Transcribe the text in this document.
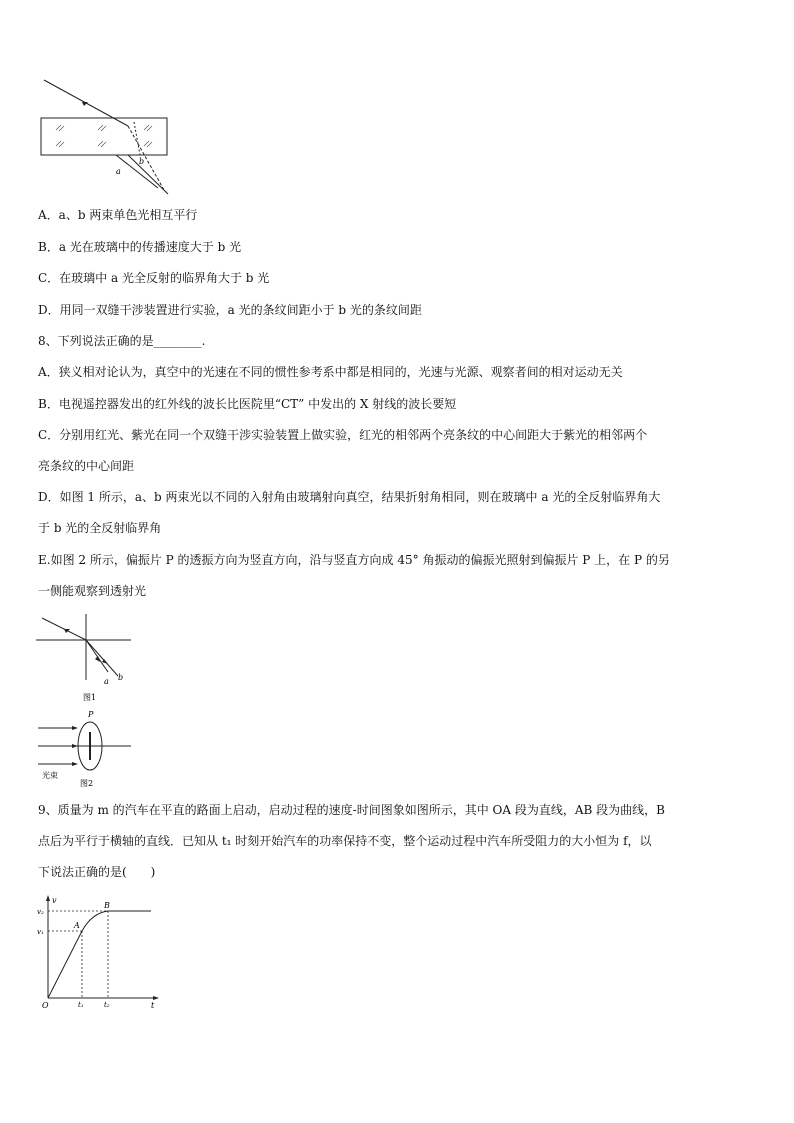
a
b
A．a、b 两束单色光相互平行
B．a 光在玻璃中的传播速度大于 b 光
C．在玻璃中 a 光全反射的临界角大于 b 光
D．用同一双缝干涉装置进行实验，a 光的条纹间距小于 b 光的条纹间距
8、下列说法正确的是________.
A．狭义相对论认为，真空中的光速在不同的惯性参考系中都是相同的，光速与光源、观察者间的相对运动无关
B．电视遥控器发出的红外线的波长比医院里“CT” 中发出的 X 射线的波长要短
C．分别用红光、紫光在同一个双缝干涉实验装置上做实验，红光的相邻两个亮条纹的中心间距大于紫光的相邻两个
亮条纹的中心间距
D．如图 1 所示，a、b 两束光以不同的入射角由玻璃射向真空，结果折射角相同，则在玻璃中 a 光的全反射临界角大
于 b 光的全反射临界角
E.如图 2 所示，偏振片 P 的透振方向为竖直方向，沿与竖直方向成 45° 角振动的偏振光照射到偏振片 P 上，在 P 的另
一侧能观察到透射光
a b
图1
P
光束
图2
9、质量为 m 的汽车在平直的路面上启动，启动过程的速度-时间图象如图所示，其中 OA 段为直线，AB 段为曲线，B
点后为平行于横轴的直线．已知从 t₁ 时刻开始汽车的功率保持不变，整个运动过程中汽车所受阻力的大小恒为 f，以
下说法正确的是(　　)
v
t
O
v₂
v₁
t₁	t₂
A
B
